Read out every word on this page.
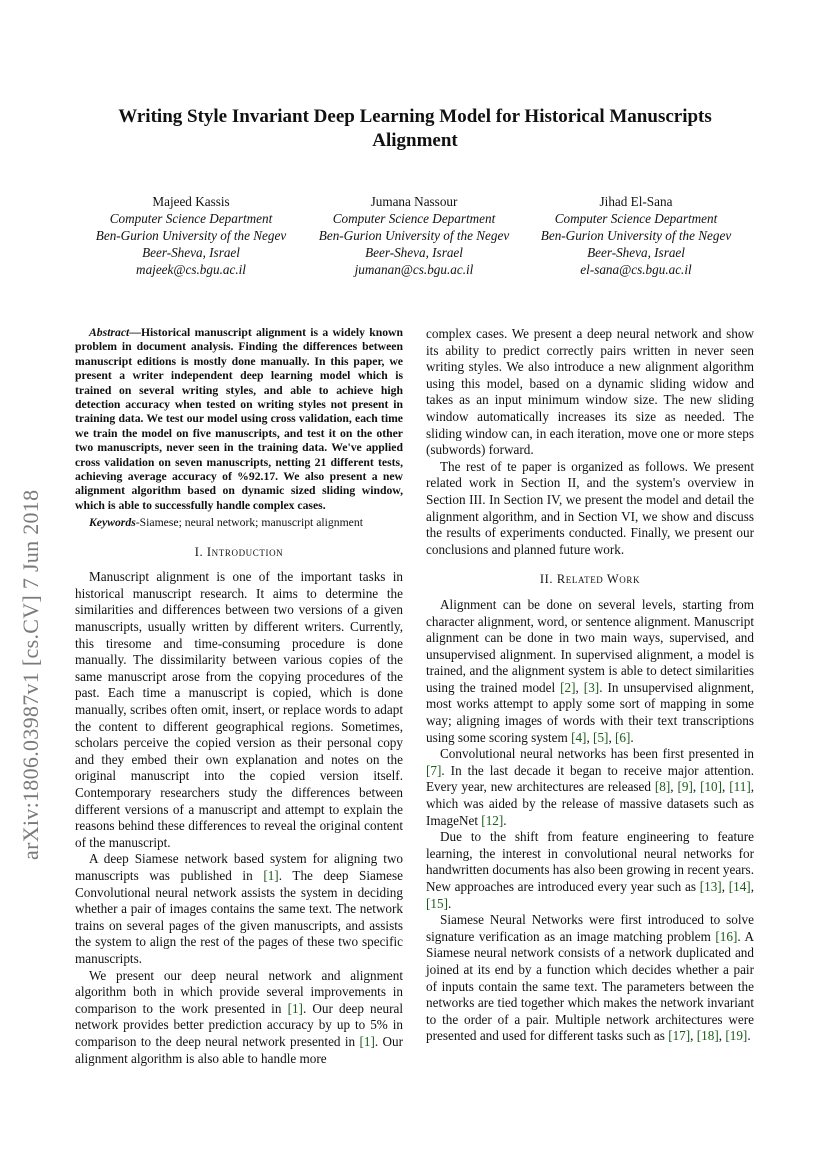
arXiv:1806.03987v1 [cs.CV] 7 Jun 2018
Writing Style Invariant Deep Learning Model for Historical Manuscripts
Alignment
Majeed Kassis
Computer Science Department
Ben-Gurion University of the Negev
Beer-Sheva, Israel
majeek@cs.bgu.ac.il
Jumana Nassour
Computer Science Department
Ben-Gurion University of the Negev
Beer-Sheva, Israel
jumanan@cs.bgu.ac.il
Jihad El-Sana
Computer Science Department
Ben-Gurion University of the Negev
Beer-Sheva, Israel
el-sana@cs.bgu.ac.il

Abstract—Historical manuscript alignment is a widely known problem in document analysis. Finding the differences between manuscript editions is mostly done manually. In this paper, we present a writer independent deep learning model which is trained on several writing styles, and able to achieve high detection accuracy when tested on writing styles not present in training data. We test our model using cross validation, each time we train the model on five manuscripts, and test it on the other two manuscripts, never seen in the training data. We've applied cross validation on seven manuscripts, netting 21 different tests, achieving average accuracy of %92.17. We also present a new alignment algorithm based on dynamic sized sliding window, which is able to successfully handle complex cases.

Keywords-Siamese; neural network; manuscript alignment

I. Introduction

Manuscript alignment is one of the important tasks in historical manuscript research. It aims to determine the similarities and differences between two versions of a given manuscripts, usually written by different writers. Currently, this tiresome and time-consuming procedure is done manually. The dissimilarity between various copies of the same manuscript arose from the copying procedures of the past. Each time a manuscript is copied, which is done manually, scribes often omit, insert, or replace words to adapt the content to different geographical regions. Sometimes, scholars perceive the copied version as their personal copy and they embed their own explanation and notes on the original manuscript into the copied version itself. Contemporary researchers study the differences between different versions of a manuscript and attempt to explain the reasons behind these differences to reveal the original content of the manuscript.

A deep Siamese network based system for aligning two manuscripts was published in [1]. The deep Siamese Convolutional neural network assists the system in deciding whether a pair of images contains the same text. The network trains on several pages of the given manuscripts, and assists the system to align the rest of the pages of these two specific manuscripts.

We present our deep neural network and alignment algorithm both in which provide several improvements in comparison to the work presented in [1]. Our deep neural network provides better prediction accuracy by up to 5% in comparison to the deep neural network presented in [1]. Our alignment algorithm is also able to handle more

complex cases. We present a deep neural network and show its ability to predict correctly pairs written in never seen writing styles. We also introduce a new alignment algorithm using this model, based on a dynamic sliding widow and takes as an input minimum window size. The new sliding window automatically increases its size as needed. The sliding window can, in each iteration, move one or more steps (subwords) forward.

The rest of te paper is organized as follows. We present related work in Section II, and the system's overview in Section III. In Section IV, we present the model and detail the alignment algorithm, and in Section VI, we show and discuss the results of experiments conducted. Finally, we present our conclusions and planned future work.

II. Related Work

Alignment can be done on several levels, starting from character alignment, word, or sentence alignment. Manuscript alignment can be done in two main ways, supervised, and unsupervised alignment. In supervised alignment, a model is trained, and the alignment system is able to detect similarities using the trained model [2], [3]. In unsupervised alignment, most works attempt to apply some sort of mapping in some way; aligning images of words with their text transcriptions using some scoring system [4], [5], [6].

Convolutional neural networks has been first presented in [7]. In the last decade it began to receive major attention. Every year, new architectures are released [8], [9], [10], [11], which was aided by the release of massive datasets such as ImageNet [12].

Due to the shift from feature engineering to feature learning, the interest in convolutional neural networks for handwritten documents has also been growing in recent years. New approaches are introduced every year such as [13], [14], [15].

Siamese Neural Networks were first introduced to solve signature verification as an image matching problem [16]. A Siamese neural network consists of a network duplicated and joined at its end by a function which decides whether a pair of inputs contain the same text. The parameters between the networks are tied together which makes the network invariant to the order of a pair. Multiple network architectures were presented and used for different tasks such as [17], [18], [19].
